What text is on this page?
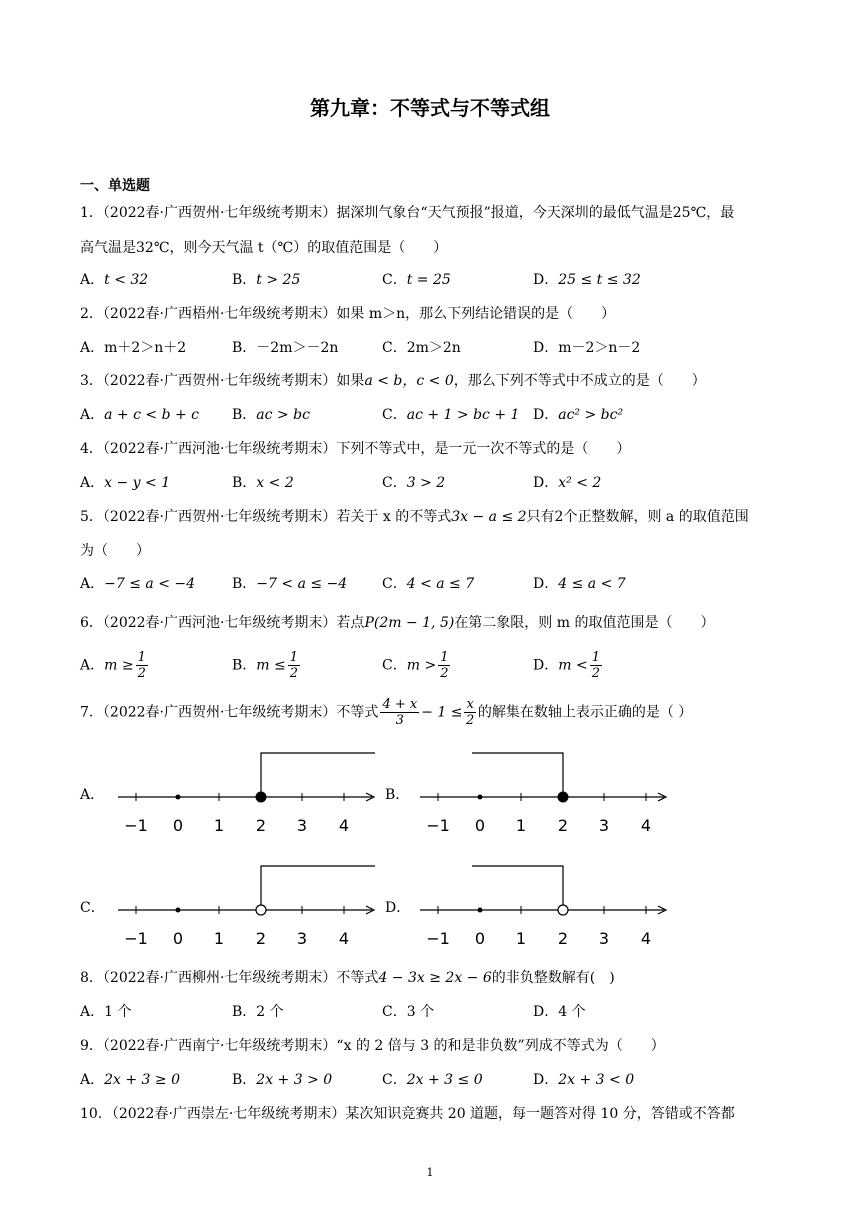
第九章：不等式与不等式组
一、单选题
1．（2022春·广西贺州·七年级统考期末）据深圳气象台“天气预报”报道，今天深圳的最低气温是25℃，最
高气温是32℃，则今天气温 t（℃）的取值范围是（　　）
A．t < 32	B．t > 25	C．t = 25	D．25 ≤ t ≤ 32
2．（2022春·广西梧州·七年级统考期末）如果 m＞n，那么下列结论错误的是（　　）
A．m＋2＞n＋2	B．－2m＞－2n	C．2m＞2n	D．m－2＞n－2
3．（2022春·广西贺州·七年级统考期末）如果a < b，c < 0，那么下列不等式中不成立的是（　　）
A．a + c < b + c B．ac > bc	C．ac + 1 > bc + 1 D．ac² > bc²
4．（2022春·广西河池·七年级统考期末）下列不等式中，是一元一次不等式的是（　　）
A．x − y < 1	B．x < 2	C．3 > 2	D．x² < 2
5．（2022春·广西贺州·七年级统考期末）若关于 x 的不等式3x − a ≤ 2只有2个正整数解，则 a 的取值范围
为（　　）
A．−7 ≤ a < −4	B．−7 < a ≤ −4 C．4 < a ≤ 7	D．4 ≤ a < 7
6．（2022春·广西河池·七年级统考期末）若点P(2m − 1, 5)在第二象限，则 m 的取值范围是（　　）
A．$m \ge \frac{1}{2}$	B．$m \le \frac{1}{2}$	C．$m > \frac{1}{2}$	D．$m < \frac{1}{2}$
7．（2022春·广西贺州·七年级统考期末）不等式 $\frac{4 + x}{3} - 1 \le \frac{x}{2}$ 的解集在数轴上表示正确的是（ ）
A．	B．
C．	D．
−1 0 1 2 3 4	−1 0 1 2 3 4
−1 0 1 2 3 4	−1 0 1 2 3 4
8．（2022春·广西柳州·七年级统考期末）不等式4 − 3x ≥ 2x − 6的非负整数解有(　)
A．1 个	B．2 个	C．3 个	D．4 个
9．（2022春·广西南宁·七年级统考期末）“x 的 2 倍与 3 的和是非负数”列成不等式为（　　）
A．2x + 3 ≥ 0	B．2x + 3 > 0	C．2x + 3 ≤ 0	D．2x + 3 < 0
10．（2022春·广西崇左·七年级统考期末）某次知识竞赛共 20 道题，每一题答对得 10 分，答错或不答都
1
